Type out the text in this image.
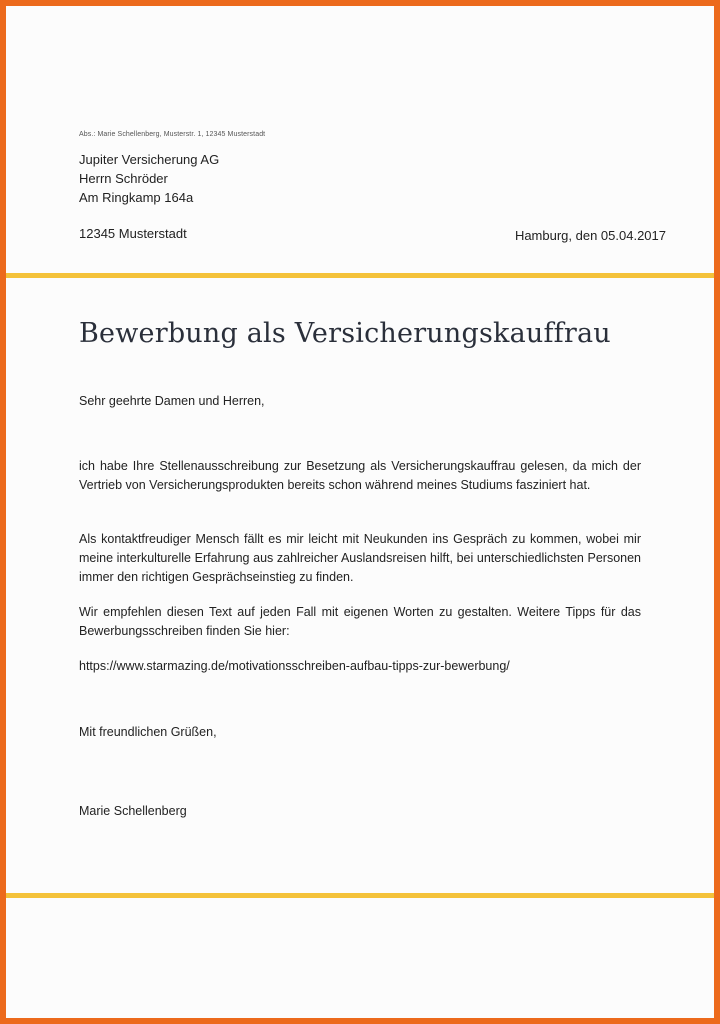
Abs.: Marie Schellenberg, Musterstr. 1, 12345 Musterstadt
Jupiter Versicherung AG
Herrn Schröder
Am Ringkamp 164a
12345 Musterstadt	Hamburg, den 05.04.2017
Bewerbung als Versicherungskauffrau
Sehr geehrte Damen und Herren,
ich habe Ihre Stellenausschreibung zur Besetzung als Versicherungskauffrau gelesen, da mich der Vertrieb von Versicherungsprodukten bereits schon während meines Studiums fasziniert hat.
Als kontaktfreudiger Mensch fällt es mir leicht mit Neukunden ins Gespräch zu kommen, wobei mir meine interkulturelle Erfahrung aus zahlreicher Auslandsreisen hilft, bei unterschiedlichsten Personen immer den richtigen Gesprächseinstieg zu finden.
Wir empfehlen diesen Text auf jeden Fall mit eigenen Worten zu gestalten. Weitere Tipps für das Bewerbungsschreiben finden Sie hier:
https://www.starmazing.de/motivationsschreiben-aufbau-tipps-zur-bewerbung/
Mit freundlichen Grüßen,
Marie Schellenberg
